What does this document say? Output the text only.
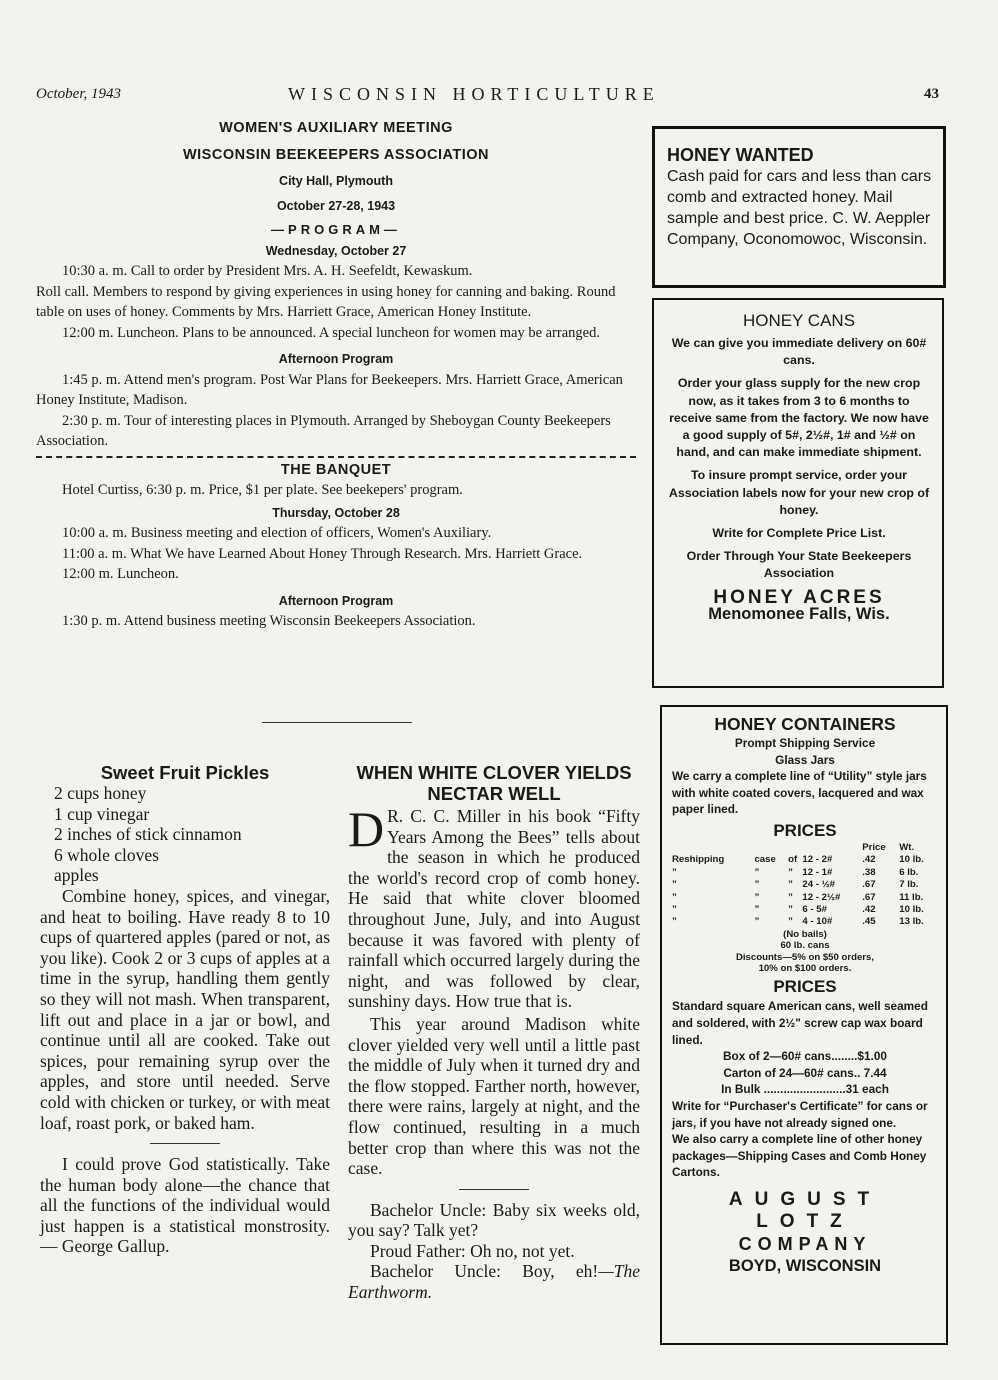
October, 1943	WISCONSIN HORTICULTURE	43
WOMEN'S AUXILIARY MEETING
WISCONSIN BEEKEEPERS ASSOCIATION
City Hall, Plymouth
October 27-28, 1943
—PROGRAM—
Wednesday, October 27

10:30 a. m. Call to order by President Mrs. A. H. Seefeldt, Kewaskum.

Roll call. Members to respond by giving experiences in using honey for canning and baking. Round table on uses of honey. Comments by Mrs. Harriett Grace, American Honey Institute.

12:00 m. Luncheon. Plans to be announced. A special luncheon for women may be arranged.

Afternoon Program

1:45 p. m. Attend men's program. Post War Plans for Beekeepers. Mrs. Harriett Grace, American Honey Institute, Madison.

2:30 p. m. Tour of interesting places in Plymouth. Arranged by Sheboygan County Beekeepers Association.

THE BANQUET

Hotel Curtiss, 6:30 p. m. Price, $1 per plate. See beekepers' program.

Thursday, October 28

10:00 a. m. Business meeting and election of officers, Women's Auxiliary.

11:00 a. m. What We have Learned About Honey Through Research. Mrs. Harriett Grace.

12:00 m. Luncheon.

Afternoon Program

1:30 p. m. Attend business meeting Wisconsin Beekeepers Association.

Sweet Fruit Pickles
2 cups honey
1 cup vinegar
2 inches of stick cinnamon
6 whole cloves
apples

Combine honey, spices, and vinegar, and heat to boiling. Have ready 8 to 10 cups of quartered apples (pared or not, as you like). Cook 2 or 3 cups of apples at a time in the syrup, handling them gently so they will not mash. When transparent, lift out and place in a jar or bowl, and continue until all are cooked. Take out spices, pour remaining syrup over the apples, and store until needed. Serve cold with chicken or turkey, or with meat loaf, roast pork, or baked ham.

I could prove God statistically. Take the human body alone—the chance that all the functions of the individual would just happen is a statistical monstrosity. — George Gallup.

WHEN WHITE CLOVER YIELDS NECTAR WELL

D R. C. C. Miller in his book “Fifty Years Among the Bees” tells about the season in which he produced the world's record crop of comb honey. He said that white clover bloomed throughout June, July, and into August because it was favored with plenty of rainfall which occurred largely during the night, and was followed by clear, sunshiny days. How true that is.

This year around Madison white clover yielded very well until a little past the middle of July when it turned dry and the flow stopped. Farther north, however, there were rains, largely at night, and the flow continued, resulting in a much better crop than where this was not the case.

Bachelor Uncle: Baby six weeks old, you say? Talk yet?

Proud Father: Oh no, not yet.

Bachelor Uncle: Boy, eh!—The Earthworm.

HONEY WANTED
Cash paid for cars and less than cars comb and extracted honey. Mail sample and best price. C. W. Aeppler Company, Oconomowoc, Wisconsin.
HONEY CANS

We can give you immediate delivery on 60# cans.

Order your glass supply for the new crop now, as it takes from 3 to 6 months to receive same from the factory. We now have a good supply of 5#, 2½#, 1# and ½# on hand, and can make immediate shipment.

To insure prompt service, order your Association labels now for your new crop of honey.

Write for Complete Price List.

Order Through Your State Beekeepers Association

HONEY ACRES
Menomonee Falls, Wis.
HONEY CONTAINERS
Prompt Shipping Service
Glass Jars

We carry a complete line of “Utility” style jars with white coated covers, lacquered and wax paper lined.

PRICES
				Price	Wt.
Reshipping	case	of	12 - 2#	.42	10 lb.
”	”	”	12 - 1#	.38	6 lb.
”	”	”	24 - ½#	.67	7 lb.
”	”	”	12 - 2½#	.67	11 lb.
”	”	”	6 - 5#	.42	10 lb.
”	”	”	4 - 10#	.45	13 lb.
(No bails)
60 lb. cans
Discounts—5% on $50 orders,
10% on $100 orders.
PRICES

Standard square American cans, well seamed and soldered, with 2½" screw cap wax board lined.

Box of 2—60# cans........$1.00
Carton of 24—60# cans.. 7.44
In Bulk .........................31 each

Write for “Purchaser's Certificate” for cans or jars, if you have not already signed one.

We also carry a complete line of other honey packages—Shipping Cases and Comb Honey Cartons.

AUGUST LOTZ
COMPANY
BOYD, WISCONSIN
